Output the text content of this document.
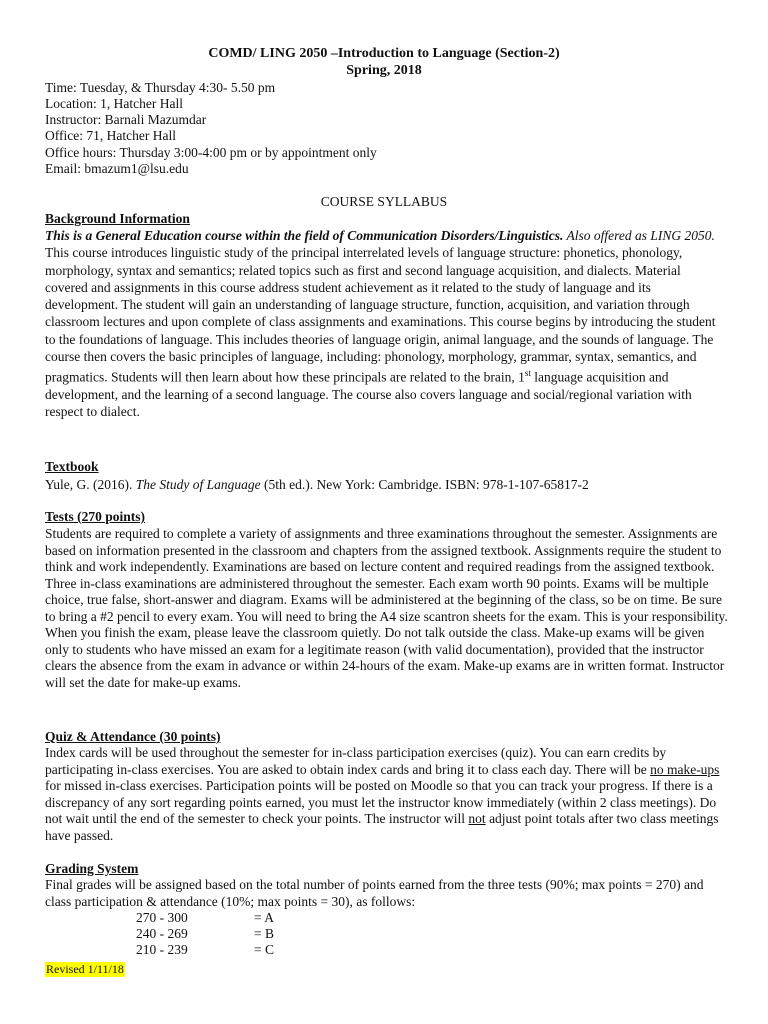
COMD/ LING 2050 –Introduction to Language (Section-2)
Spring, 2018
Time: Tuesday, & Thursday 4:30- 5.50 pm
Location: 1, Hatcher Hall
Instructor: Barnali Mazumdar
Office: 71, Hatcher Hall
Office hours: Thursday 3:00-4:00 pm or by appointment only
Email: bmazum1@lsu.edu
COURSE SYLLABUS
Background Information

This is a General Education course within the field of Communication Disorders/Linguistics. Also offered as LING 2050. This course introduces linguistic study of the principal interrelated levels of language structure: phonetics, phonology, morphology, syntax and semantics; related topics such as first and second language acquisition, and dialects. Material covered and assignments in this course address student achievement as it related to the study of language and its development. The student will gain an understanding of language structure, function, acquisition, and variation through classroom lectures and upon complete of class assignments and examinations. This course begins by introducing the student to the foundations of language. This includes theories of language origin, animal language, and the sounds of language. The course then covers the basic principles of language, including: phonology, morphology, grammar, syntax, semantics, and pragmatics. Students will then learn about how these principals are related to the brain, 1st language acquisition and development, and the learning of a second language. The course also covers language and social/regional variation with respect to dialect.

Textbook

Yule, G. (2016). The Study of Language (5th ed.). New York: Cambridge. ISBN: 978-1-107-65817-2

Tests (270 points)

Students are required to complete a variety of assignments and three examinations throughout the semester. Assignments are based on information presented in the classroom and chapters from the assigned textbook. Assignments require the student to think and work independently. Examinations are based on lecture content and required readings from the assigned textbook. Three in-class examinations are administered throughout the semester. Each exam worth 90 points. Exams will be multiple choice, true false, short-answer and diagram. Exams will be administered at the beginning of the class, so be on time. Be sure to bring a #2 pencil to every exam. You will need to bring the A4 size scantron sheets for the exam. This is your responsibility. When you finish the exam, please leave the classroom quietly. Do not talk outside the class. Make-up exams will be given only to students who have missed an exam for a legitimate reason (with valid documentation), provided that the instructor clears the absence from the exam in advance or within 24-hours of the exam. Make-up exams are in written format. Instructor will set the date for make-up exams.

Quiz & Attendance (30 points)

Index cards will be used throughout the semester for in-class participation exercises (quiz). You can earn credits by participating in-class exercises. You are asked to obtain index cards and bring it to class each day. There will be no make-ups for missed in-class exercises. Participation points will be posted on Moodle so that you can track your progress. If there is a discrepancy of any sort regarding points earned, you must let the instructor know immediately (within 2 class meetings). Do not wait until the end of the semester to check your points. The instructor will not adjust point totals after two class meetings have passed.

Grading System

Final grades will be assigned based on the total number of points earned from the three tests (90%; max points = 270) and class participation & attendance (10%; max points = 30), as follows:

270 - 300	= A
240 - 269	= B
210 - 239	= C
Revised 1/11/18
